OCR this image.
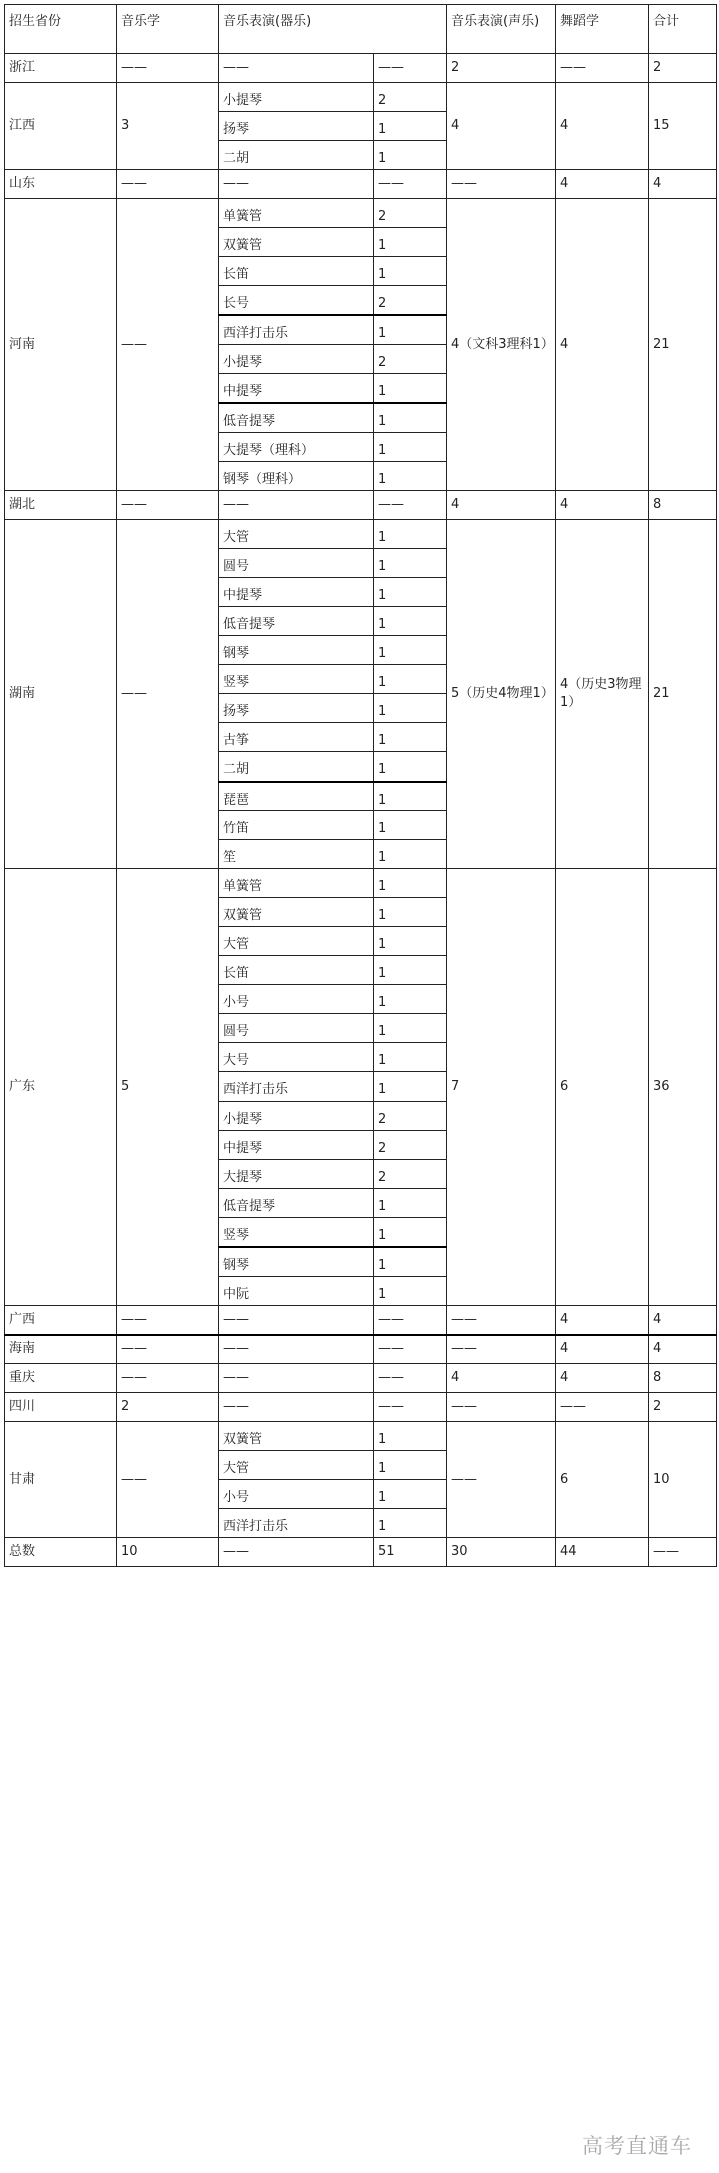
招生省份	音乐学	音乐表演(器乐)		音乐表演(声乐)	舞蹈学	合计
浙江	——	——	——	2	——	2
江西	3	小提琴	2	4	4	15
		扬琴	1			
		二胡	1			
山东	——	——	——	——	4	4
河南	——	单簧管	2	4（文科3理科1）	4	21
		双簧管	1			
		长笛	1			
		长号	2			
		西洋打击乐	1			
		小提琴	2			
		中提琴	1			
		低音提琴	1			
		大提琴（理科）	1			
		钢琴（理科）	1			
湖北	——	——	——	4	4	8
湖南	——	大管	1	5（历史4物理1）	4（历史3物理1）	21
		圆号	1			
		中提琴	1			
		低音提琴	1			
		钢琴	1			
		竖琴	1			
		扬琴	1			
		古筝	1			
		二胡	1			
		琵琶	1			
		竹笛	1			
		笙	1			
广东	5	单簧管	1	7	6	36
		双簧管	1			
		大管	1			
		长笛	1			
		小号	1			
		圆号	1			
		大号	1			
		西洋打击乐	1			
		小提琴	2			
		中提琴	2			
		大提琴	2			
		低音提琴	1			
		竖琴	1			
		钢琴	1			
		中阮	1			
广西	——	——	——	——	4	4
海南	——	——	——	——	4	4
重庆	——	——	——	4	4	8
四川	2	——	——	——	——	2
甘肃	——	双簧管	1	——	6	10
		大管	1			
		小号	1			
		西洋打击乐	1			
总数	10	——	51	30	44	——
高考直通车
